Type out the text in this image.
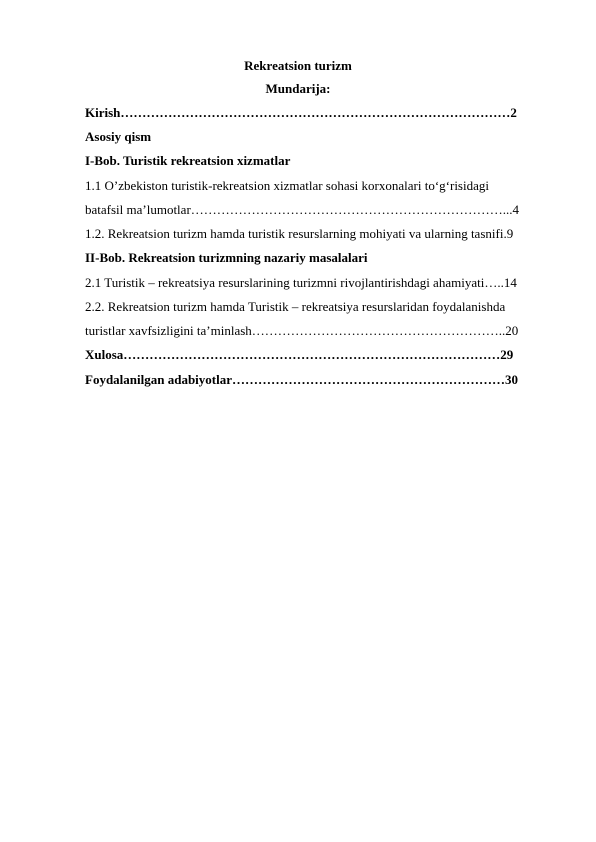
Rekreatsion turizm
Mundarija:
Kirish………………………………………………………………………………2
Asosiy qism
I-Bob. Turistik rekreatsion xizmatlar
1.1 O’zbekiston turistik-rekreatsion xizmatlar sohasi korxonalari to‘g‘risidagi
batafsil ma’lumotlar………………………………………………………………...4
1.2. Rekreatsion turizm hamda turistik resurslarning mohiyati va ularning tasnifi.9
II-Bob. Rekreatsion turizmning nazariy masalalari
2.1 Turistik – rekreatsiya resurslarining turizmni rivojlantirishdagi ahamiyati…..14
2.2. Rekreatsion turizm hamda Turistik – rekreatsiya resurslaridan foydalanishda
turistlar xavfsizligini ta’minlash…………………………………………………..20
Xulosa……………………………………………………………………………29
Foydalanilgan adabiyotlar………………………………………………………30
